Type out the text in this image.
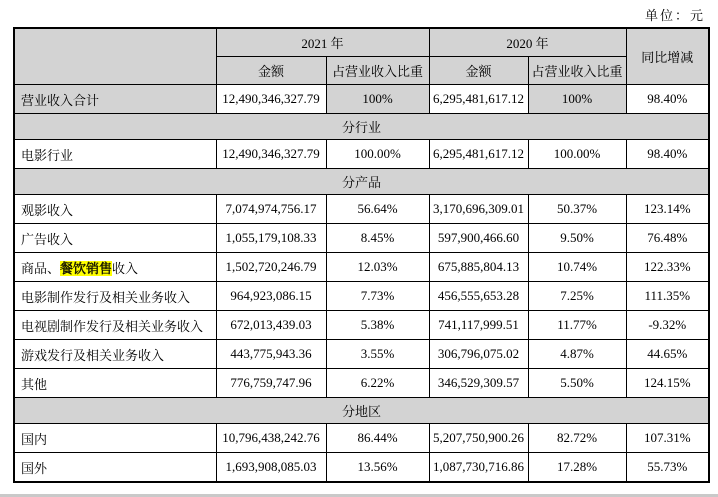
单位：元
	2021 年		2020 年		同比增减
	金额	占营业收入比重	金额	占营业收入比重	
营业收入合计	12,490,346,327.79	100%	6,295,481,617.12	100%	98.40%
分行业					
电影行业	12,490,346,327.79	100.00%	6,295,481,617.12	100.00%	98.40%
分产品					
观影收入	7,074,974,756.17	56.64%	3,170,696,309.01	50.37%	123.14%
广告收入	1,055,179,108.33	8.45%	597,900,466.60	9.50%	76.48%
商品、餐饮销售收入	1,502,720,246.79	12.03%	675,885,804.13	10.74%	122.33%
电影制作发行及相关业务收入	964,923,086.15	7.73%	456,555,653.28	7.25%	111.35%
电视剧制作发行及相关业务收入	672,013,439.03	5.38%	741,117,999.51	11.77%	-9.32%
游戏发行及相关业务收入	443,775,943.36	3.55%	306,796,075.02	4.87%	44.65%
其他	776,759,747.96	6.22%	346,529,309.57	5.50%	124.15%
分地区					
国内	10,796,438,242.76	86.44%	5,207,750,900.26	82.72%	107.31%
国外	1,693,908,085.03	13.56%	1,087,730,716.86	17.28%	55.73%
